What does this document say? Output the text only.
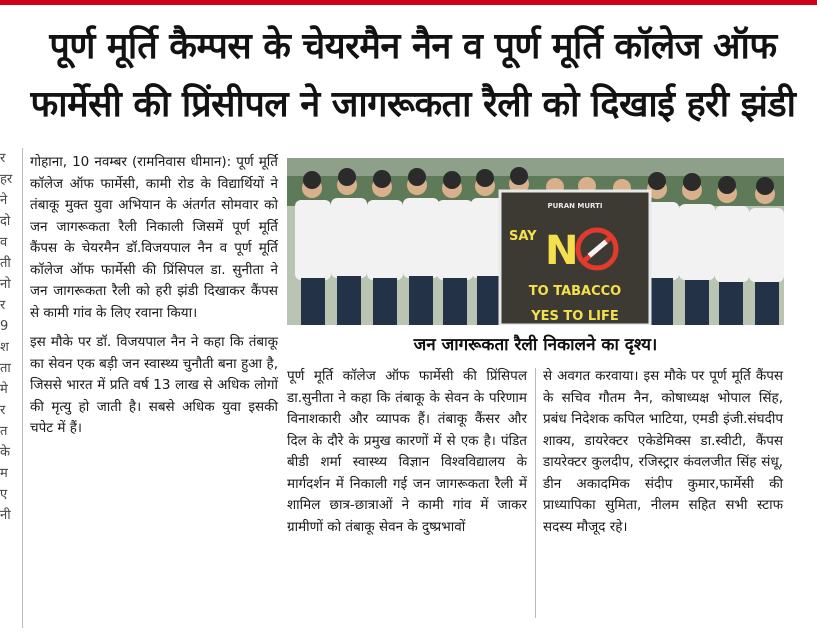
पूर्ण मूर्ति कैम्पस के चेयरमैन नैन व पूर्ण मूर्ति कॉलेज ऑफ
फार्मेसी की प्रिंसीपल ने जागरूकता रैली को दिखाई हरी झंडी
र
हर
ने
दो
व
ती
नो
र
9
श
ता
मे
र
त
के
म
ए
नी

गोहाना, 10 नवम्बर (रामनिवास धीमान): पूर्ण मूर्ति कॉलेज ऑफ फार्मेसी, कामी रोड के विद्यार्थियों ने तंबाकू मुक्त युवा अभियान के अंतर्गत सोमवार को जन जागरूकता रैली निकाली जिसमें पूर्ण मूर्ति कैंपस के चेयरमैन डॉ.विजयपाल नैन व पूर्ण मूर्ति कॉलेज ऑफ फार्मेसी की प्रिंसिपल डा. सुनीता ने जन जागरूकता रैली को हरी झंडी दिखाकर कैंपस से कामी गांव के लिए रवाना किया।

इस मौके पर डॉ. विजयपाल नैन ने कहा कि तंबाकू का सेवन एक बड़ी जन स्वास्थ्य चुनौती बना हुआ है, जिससे भारत में प्रति वर्ष 13 लाख से अधिक लोगों की मृत्यु हो जाती है। सबसे अधिक युवा इसकी चपेट में हैं।

PURAN MURTI
SAY N
TO TABACCO
YES TO LIFE
जन जागरूकता रैली निकालने का दृश्य।

पूर्ण मूर्ति कॉलेज ऑफ फार्मेसी की प्रिंसिपल डा.सुनीता ने कहा कि तंबाकू के सेवन के परिणाम विनाशकारी और व्यापक हैं। तंबाकू कैंसर और दिल के दौरे के प्रमुख कारणों में से एक है। पंडित बीडी शर्मा स्वास्थ्य विज्ञान विश्वविद्यालय के मार्गदर्शन में निकाली गई जन जागरूकता रैली में शामिल छात्र-छात्राओं ने कामी गांव में जाकर ग्रामीणों को तंबाकू सेवन के दुष्प्रभावों

से अवगत करवाया। इस मौके पर पूर्ण मूर्ति कैंपस के सचिव गौतम नैन, कोषाध्यक्ष भोपाल सिंह, प्रबंध निदेशक कपिल भाटिया, एमडी इंजी.संघदीप शाक्य, डायरेक्टर एकेडेमिक्स डा.स्वीटी, कैंपस डायरेक्टर कुलदीप, रजिस्ट्रार कंवलजीत सिंह संधू, डीन अकादमिक संदीप कुमार,फार्मेसी की प्राध्यापिका सुमिता, नीलम सहित सभी स्टाफ सदस्य मौजूद रहे।
